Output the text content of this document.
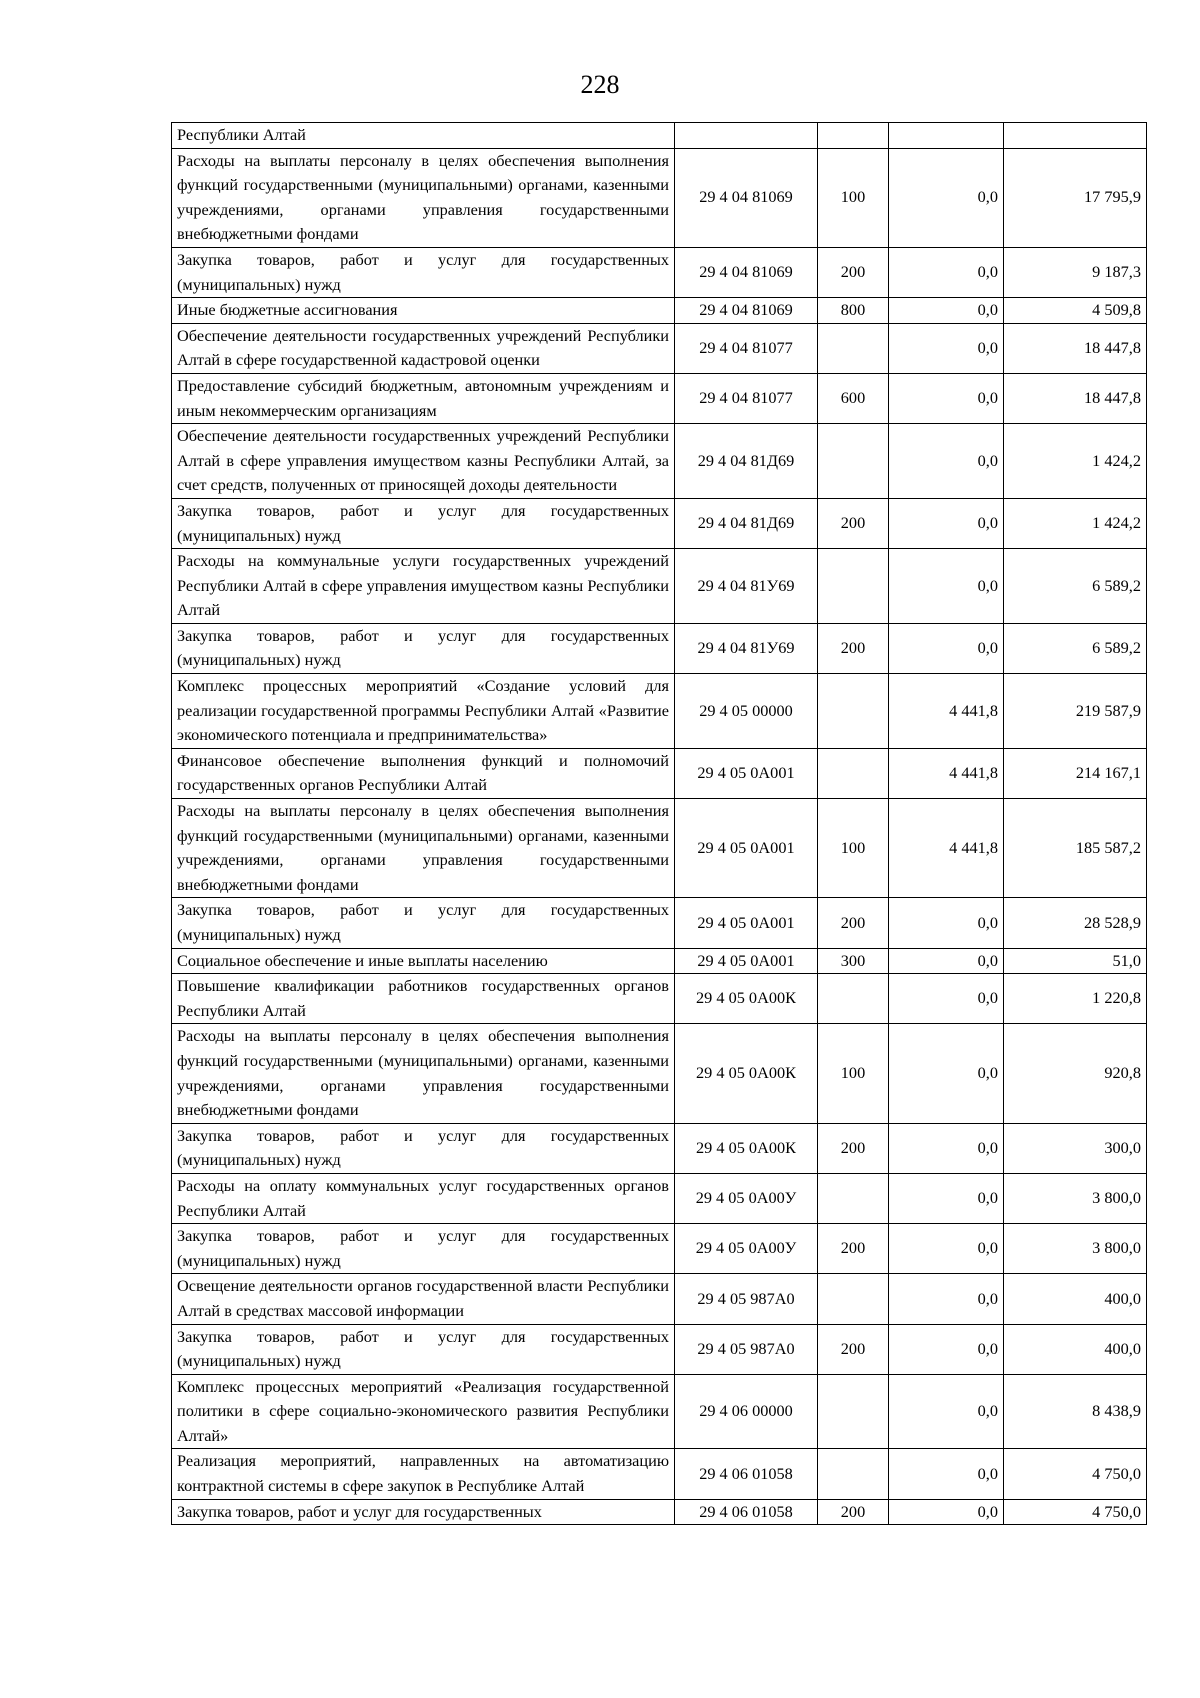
228
Республики Алтай				
Расходы на выплаты персоналу в целях обеспечения выполнения функций государственными (муниципальными) органами, казенными учреждениями, органами управления государственными внебюджетными фондами	29 4 04 81069	100	0,0	17 795,9
Закупка товаров, работ и услуг для государственных (муниципальных) нужд	29 4 04 81069	200	0,0	9 187,3
Иные бюджетные ассигнования	29 4 04 81069	800	0,0	4 509,8
Обеспечение деятельности государственных учреждений Республики Алтай в сфере государственной кадастровой оценки	29 4 04 81077		0,0	18 447,8
Предоставление субсидий бюджетным, автономным учреждениям и иным некоммерческим организациям	29 4 04 81077	600	0,0	18 447,8
Обеспечение деятельности государственных учреждений Республики Алтай в сфере управления имуществом казны Республики Алтай, за счет средств, полученных от приносящей доходы деятельности	29 4 04 81Д69		0,0	1 424,2
Закупка товаров, работ и услуг для государственных (муниципальных) нужд	29 4 04 81Д69	200	0,0	1 424,2
Расходы на коммунальные услуги государственных учреждений Республики Алтай в сфере управления имуществом казны Республики Алтай	29 4 04 81У69		0,0	6 589,2
Закупка товаров, работ и услуг для государственных (муниципальных) нужд	29 4 04 81У69	200	0,0	6 589,2
Комплекс процессных мероприятий «Создание условий для реализации государственной программы Республики Алтай «Развитие экономического потенциала и предпринимательства»	29 4 05 00000		4 441,8	219 587,9
Финансовое обеспечение выполнения функций и полномочий государственных органов Республики Алтай	29 4 05 0А001		4 441,8	214 167,1
Расходы на выплаты персоналу в целях обеспечения выполнения функций государственными (муниципальными) органами, казенными учреждениями, органами управления государственными внебюджетными фондами	29 4 05 0А001	100	4 441,8	185 587,2
Закупка товаров, работ и услуг для государственных (муниципальных) нужд	29 4 05 0А001	200	0,0	28 528,9
Социальное обеспечение и иные выплаты населению	29 4 05 0А001	300	0,0	51,0
Повышение квалификации работников государственных органов Республики Алтай	29 4 05 0А00К		0,0	1 220,8
Расходы на выплаты персоналу в целях обеспечения выполнения функций государственными (муниципальными) органами, казенными учреждениями, органами управления государственными внебюджетными фондами	29 4 05 0А00К	100	0,0	920,8
Закупка товаров, работ и услуг для государственных (муниципальных) нужд	29 4 05 0А00К	200	0,0	300,0
Расходы на оплату коммунальных услуг государственных органов Республики Алтай	29 4 05 0А00У		0,0	3 800,0
Закупка товаров, работ и услуг для государственных (муниципальных) нужд	29 4 05 0А00У	200	0,0	3 800,0
Освещение деятельности органов государственной власти Республики Алтай в средствах массовой информации	29 4 05 987А0		0,0	400,0
Закупка товаров, работ и услуг для государственных (муниципальных) нужд	29 4 05 987А0	200	0,0	400,0
Комплекс процессных мероприятий «Реализация государственной политики в сфере социально-экономического развития Республики Алтай»	29 4 06 00000		0,0	8 438,9
Реализация мероприятий, направленных на автоматизацию контрактной системы в сфере закупок в Республике Алтай	29 4 06 01058		0,0	4 750,0
Закупка товаров, работ и услуг для государственных	29 4 06 01058	200	0,0	4 750,0
